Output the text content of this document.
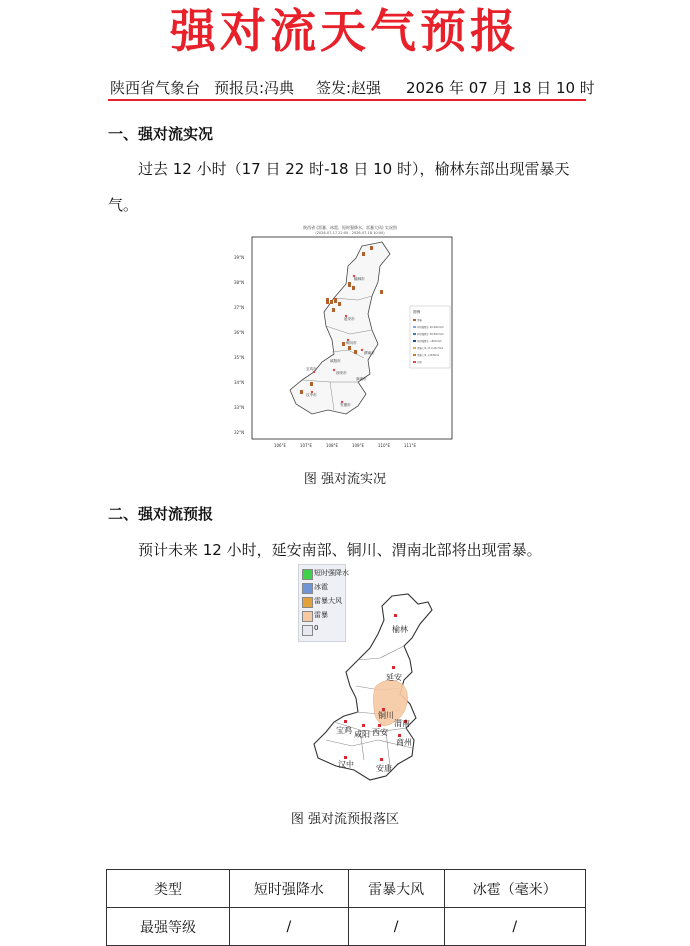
强对流天气预报
陕西省气象台 预报员:冯典 签发:赵强 2026 年 07 月 18 日 10 时
一、强对流实况
过去 12 小时（17 日 22 时-18 日 10 时），榆林东部出现雷暴天
气。
陕西省 (雷暴、冰雹、短时强降水、雷暴大风) 实况图
(2026-07-17 22:00 - 2026-07-18 10:00)
39°N
38°N
37°N
36°N
35°N
34°N
33°N
32°N
106°E	107°E	108°E	109°E	110°E	111°E
榆林市
延安市
铜川市
渭南市
宝鸡市
西安市
汉中市
安康市
咸阳市
商洛市
图例
雷暴
短时强降水 20-30mm/h
短时强降水 30-50mm/h
短时强降水 >50mm/h
雷暴大风 17.2-20.7m/s
雷暴大风 >20.8m/s
冰雹
图 强对流实况
二、强对流预报
预计未来 12 小时，延安南部、铜川、渭南北部将出现雷暴。
短时强降水
冰雹
雷暴大风
雷暴
0	榆林
延安
铜川
渭南
宝鸡 咸阳 西安
商州
汉中	安康
图 强对流预报落区
类型	短时强降水	雷暴大风	冰雹（毫米）
最强等级	/	/	/
